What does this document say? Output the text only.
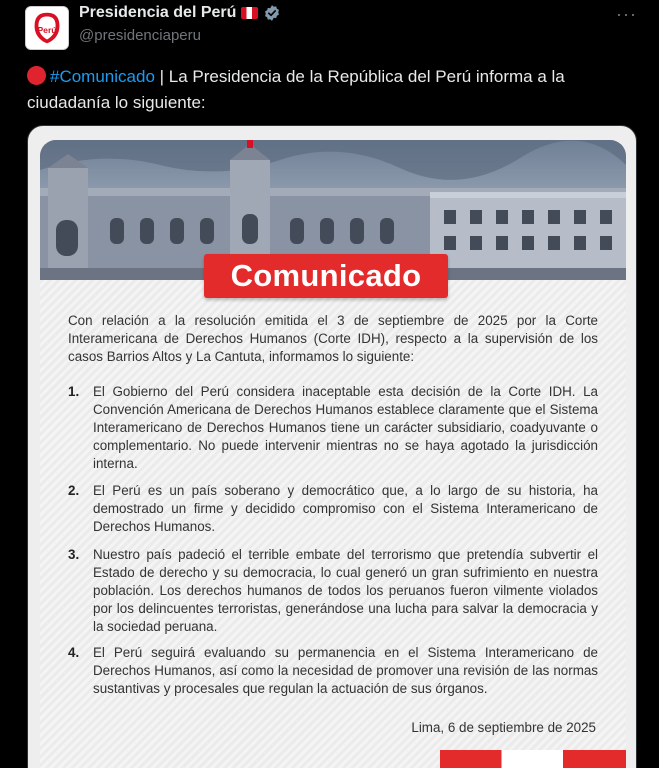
Perú
Presidencia del Perú
@presidenciaperu
···
#Comunicado | La Presidencia de la República del Perú informa a la ciudadanía lo siguiente:
Comunicado

Con relación a la resolución emitida el 3 de septiembre de 2025 por la Corte Interamericana de Derechos Humanos (Corte IDH), respecto a la supervisión de los casos Barrios Altos y La Cantuta, informamos lo siguiente:

1. El Gobierno del Perú considera inaceptable esta decisión de la Corte IDH. La Convención Americana de Derechos Humanos establece claramente que el Sistema Interamericano de Derechos Humanos tiene un carácter subsidiario, coadyuvante o complementario. No puede intervenir mientras no se haya agotado la jurisdicción interna.

2. El Perú es un país soberano y democrático que, a lo largo de su historia, ha demostrado un firme y decidido compromiso con el Sistema Interamericano de Derechos Humanos.

3. Nuestro país padeció el terrible embate del terrorismo que pretendía subvertir el Estado de derecho y su democracia, lo cual generó un gran sufrimiento en nuestra población. Los derechos humanos de todos los peruanos fueron vilmente violados por los delincuentes terroristas, generándose una lucha para salvar la democracia y la sociedad peruana.

4. El Perú seguirá evaluando su permanencia en el Sistema Interamericano de Derechos Humanos, así como la necesidad de promover una revisión de las normas sustantivas y procesales que regulan la actuación de sus órganos.

Lima, 6 de septiembre de 2025
